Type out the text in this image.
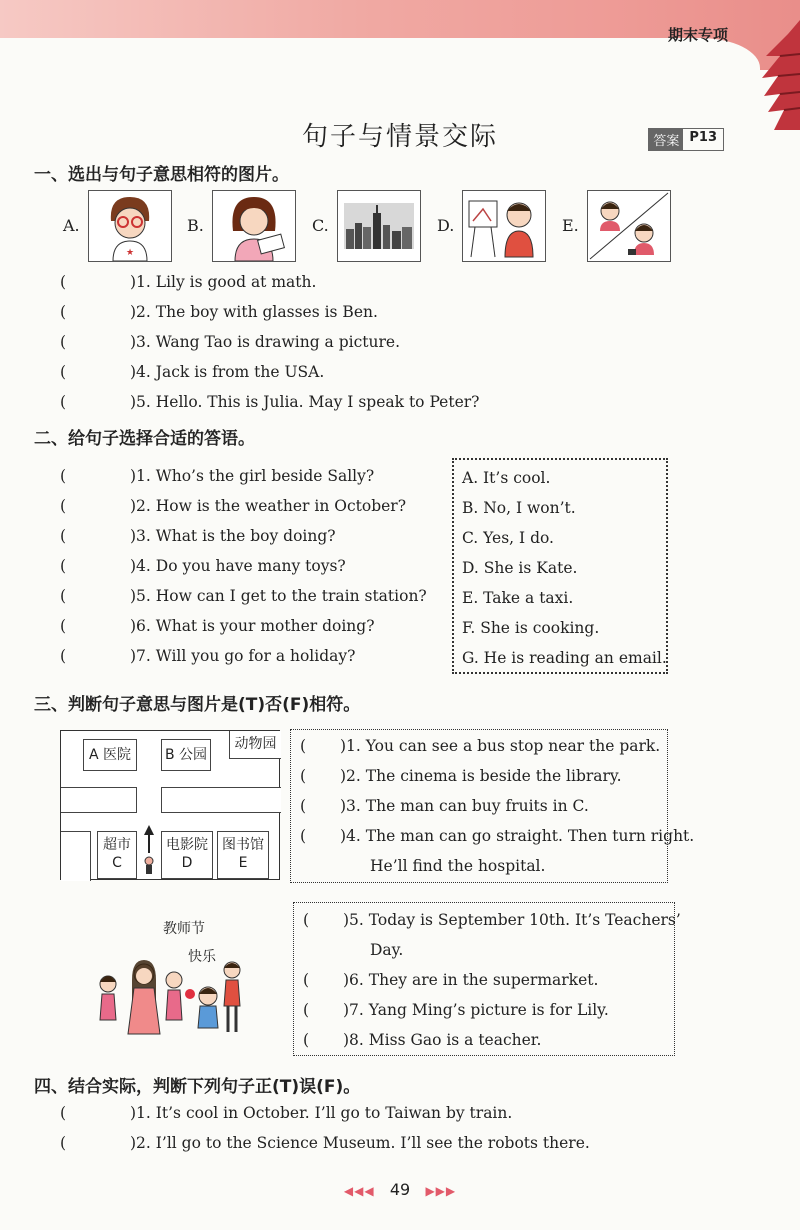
期末专项
句子与情景交际	答案 P13
一、选出与句子意思相符的图片。
A.
★
B.	C.	D.	E.
(	)1. Lily is good at math.
(	)2. The boy with glasses is Ben.
(	)3. Wang Tao is drawing a picture.
(	)4. Jack is from the USA.
(	)5. Hello. This is Julia. May I speak to Peter?
二、给句子选择合适的答语。
(	)1. Who’s the girl beside Sally?
(	)2. How is the weather in October?
(	)3. What is the boy doing?
(	)4. Do you have many toys?
(	)5. How can I get to the train station?
(	)6. What is your mother doing?
(	)7. Will you go for a holiday?
A. It’s cool.
B. No, I won’t.
C. Yes, I do.
D. She is Kate.
E. Take a taxi.
F. She is cooking.
G. He is reading an email.
三、判断句子意思与图片是(T)否(F)相符。
A 医院	B 公园
动物园
超市
C
电影院
D
图书馆
E
( )1. You can see a bus stop near the park.
( )2. The cinema is beside the library.
( )3. The man can buy fruits in C.
( )4. The man can go straight. Then turn right.
He’ll find the hospital.
教师节
快乐
( )5. Today is September 10th. It’s Teachers’
Day.
( )6. They are in the supermarket.
( )7. Yang Ming’s picture is for Lily.
( )8. Miss Gao is a teacher.
四、结合实际，判断下列句子正(T)误(F)。
(	)1. It’s cool in October. I’ll go to Taiwan by train.
(	)2. I’ll go to the Science Museum. I’ll see the robots there.
◀◀◀ 49 ▶▶▶
